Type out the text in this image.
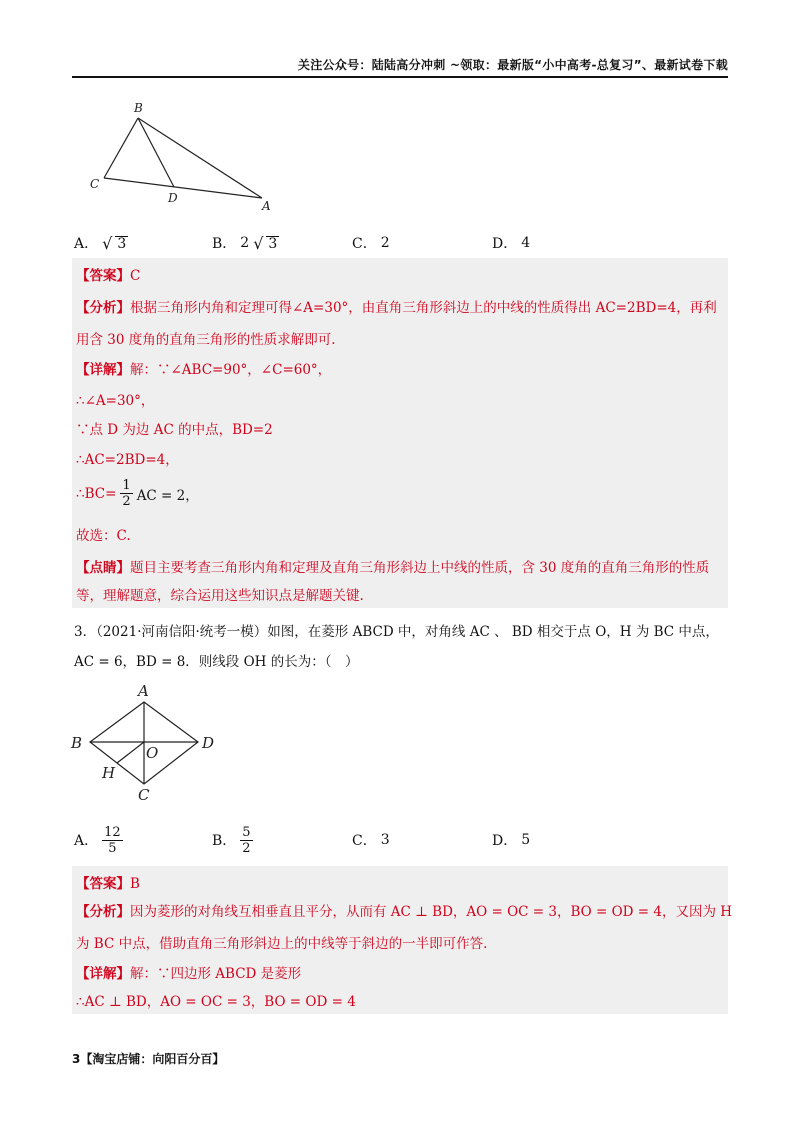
关注公众号：陆陆高分冲刺 ~领取：最新版“小中高考-总复习”、最新试卷下载
B
C
D
A
A． √ 3	B． 2 √ 3	C． 2	D． 4
【答案】C
【分析】根据三角形内角和定理可得∠A=30°，由直角三角形斜边上的中线的性质得出 AC=2BD=4，再利
用含 30 度角的直角三角形的性质求解即可.
【详解】解：∵∠ABC=90°，∠C=60°，
∴∠A=30°，
∵点 D 为边 AC 的中点，BD=2
∴AC=2BD=4，
∴BC= $\frac{1}{2}$ AC = 2，
故选：C.
【点睛】题目主要考查三角形内角和定理及直角三角形斜边上中线的性质，含 30 度角的直角三角形的性质
等，理解题意，综合运用这些知识点是解题关键.
3．（2021·河南信阳·统考一模）如图，在菱形 ABCD 中，对角线 AC 、 BD 相交于点 O，H 为 BC 中点，
AC = 6，BD = 8．则线段 OH 的长为：（　）
A
B	D
O
H
C
A． $\frac{12}{5}$	B． $\frac{5}{2}$	C． 3	D． 5
【答案】B
【分析】因为菱形的对角线互相垂直且平分，从而有 AC ⊥ BD，AO = OC = 3，BO = OD = 4，又因为 H
为 BC 中点，借助直角三角形斜边上的中线等于斜边的一半即可作答.
【详解】解：∵四边形 ABCD 是菱形
∴AC ⊥ BD，AO = OC = 3，BO = OD = 4
3【淘宝店铺：向阳百分百】
